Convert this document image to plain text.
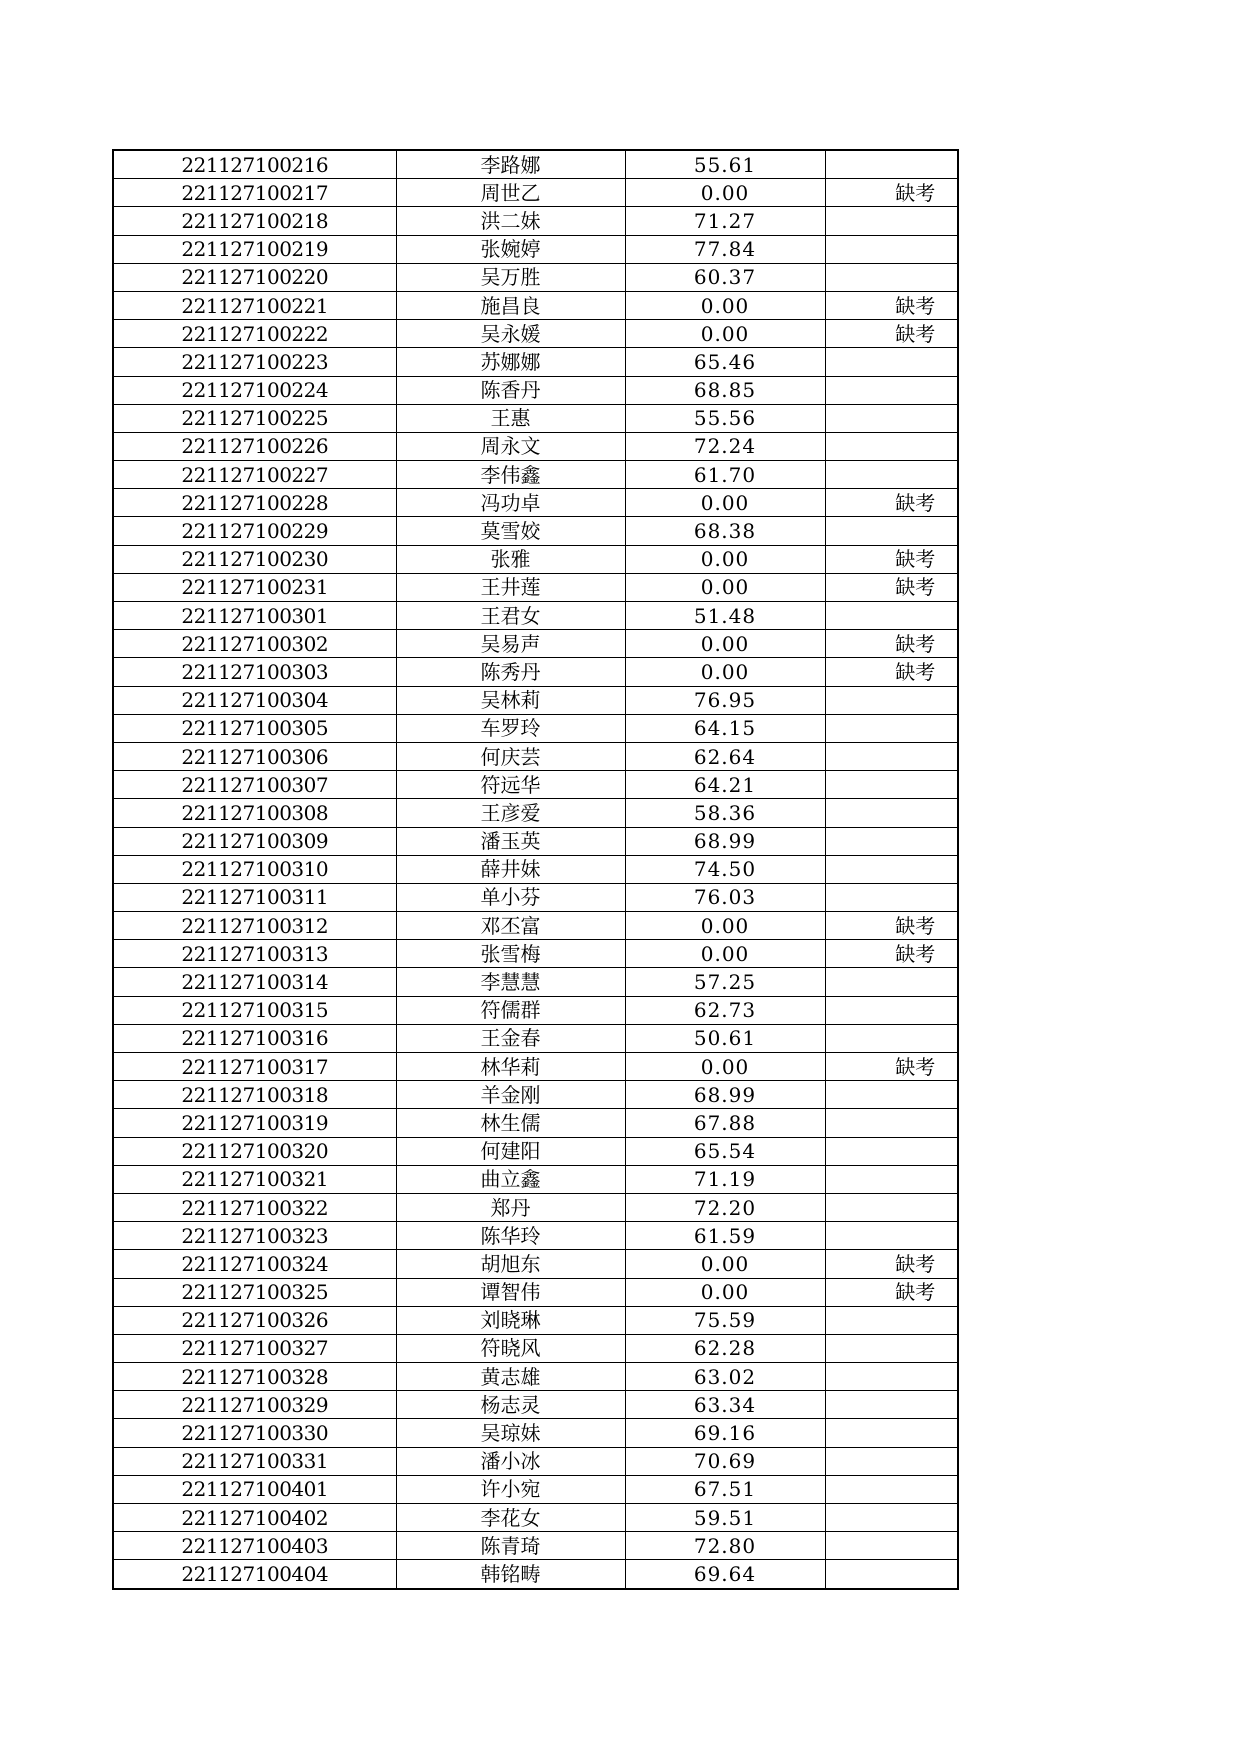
221127100216	李路娜	55.61	
221127100217	周世乙	0.00	缺考
221127100218	洪二妹	71.27	
221127100219	张婉婷	77.84	
221127100220	吴万胜	60.37	
221127100221	施昌良	0.00	缺考
221127100222	吴永媛	0.00	缺考
221127100223	苏娜娜	65.46	
221127100224	陈香丹	68.85	
221127100225	王惠	55.56	
221127100226	周永文	72.24	
221127100227	李伟鑫	61.70	
221127100228	冯功卓	0.00	缺考
221127100229	莫雪姣	68.38	
221127100230	张雅	0.00	缺考
221127100231	王井莲	0.00	缺考
221127100301	王君女	51.48	
221127100302	吴易声	0.00	缺考
221127100303	陈秀丹	0.00	缺考
221127100304	吴林莉	76.95	
221127100305	车罗玲	64.15	
221127100306	何庆芸	62.64	
221127100307	符远华	64.21	
221127100308	王彦爱	58.36	
221127100309	潘玉英	68.99	
221127100310	薛井妹	74.50	
221127100311	单小芬	76.03	
221127100312	邓丕富	0.00	缺考
221127100313	张雪梅	0.00	缺考
221127100314	李慧慧	57.25	
221127100315	符儒群	62.73	
221127100316	王金春	50.61	
221127100317	林华莉	0.00	缺考
221127100318	羊金刚	68.99	
221127100319	林生儒	67.88	
221127100320	何建阳	65.54	
221127100321	曲立鑫	71.19	
221127100322	郑丹	72.20	
221127100323	陈华玲	61.59	
221127100324	胡旭东	0.00	缺考
221127100325	谭智伟	0.00	缺考
221127100326	刘晓琳	75.59	
221127100327	符晓风	62.28	
221127100328	黄志雄	63.02	
221127100329	杨志灵	63.34	
221127100330	吴琼妹	69.16	
221127100331	潘小冰	70.69	
221127100401	许小宛	67.51	
221127100402	李花女	59.51	
221127100403	陈青琦	72.80	
221127100404	韩铭畴	69.64	
